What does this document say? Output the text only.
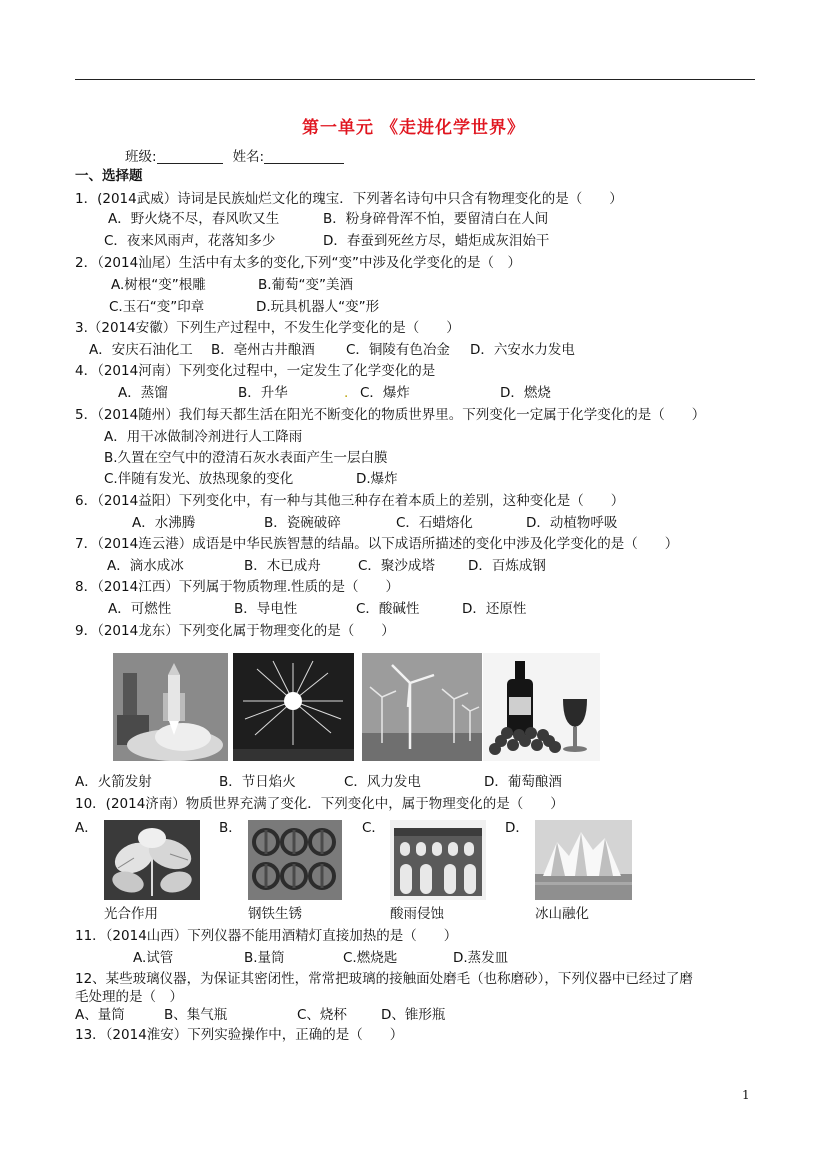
第一单元 《走进化学世界》
班级:	姓名:
一、选择题
1．(2014武威）诗词是民族灿烂文化的瑰宝．下列著名诗句中只含有物理变化的是（　　）
A．野火烧不尽，春风吹又生	B．粉身碎骨浑不怕，要留清白在人间
C．夜来风雨声，花落知多少	D．春蚕到死丝方尽，蜡炬成灰泪始干
2．（2014汕尾）生活中有太多的变化,下列“变”中涉及化学变化的是（　）
A.树根“变”根雕	B.葡萄“变”美酒
C.玉石“变”印章	D.玩具机器人“变”形
3.（2014安徽）下列生产过程中，不发生化学变化的是（　　）
A．安庆石油化工 B．亳州古井酿酒 C．铜陵有色冶金 D．六安水力发电
4．（2014河南）下列变化过程中，一定发生了化学变化的是
A．蒸馏	B．升华	. C．爆炸	D．燃烧
5．（2014随州）我们每天都生活在阳光不断变化的物质世界里。下列变化一定属于化学变化的是（　　）
A．用干冰做制冷剂进行人工降雨
B.久置在空气中的澄清石灰水表面产生一层白膜
C.伴随有发光、放热现象的变化	D.爆炸
6．（2014益阳）下列变化中，有一种与其他三种存在着本质上的差别，这种变化是（　　）
A．水沸腾	B．瓷碗破碎	C．石蜡熔化	D．动植物呼吸
7．（2014连云港）成语是中华民族智慧的结晶。以下成语所描述的变化中涉及化学变化的是（　　）
A．滴水成冰	B．木已成舟	C．聚沙成塔 D．百炼成钢
8．（2014江西）下列属于物质物理.性质的是（　　）
A．可燃性	B．导电性	C．酸碱性	D．还原性
9．（2014龙东）下列变化属于物理变化的是（　　）
A．火箭发射	B．节日焰火	C．风力发电	D．葡萄酿酒
10．(2014济南）物质世界充满了变化．下列变化中，属于物理变化的是（　　）
A．	B．	C．	D．
光合作用	钢铁生锈	酸雨侵蚀	冰山融化
11．（2014山西）下列仪器不能用酒精灯直接加热的是（　　）
A.试管	B.量筒	C.燃烧匙	D.蒸发皿
12、某些玻璃仪器，为保证其密闭性，常常把玻璃的接触面处磨毛（也称磨砂），下列仪器中已经过了磨
毛处理的是（　）
A、量筒	B、集气瓶	C、烧杯	D、锥形瓶
13．（2014淮安）下列实验操作中，正确的是（　　）
1
